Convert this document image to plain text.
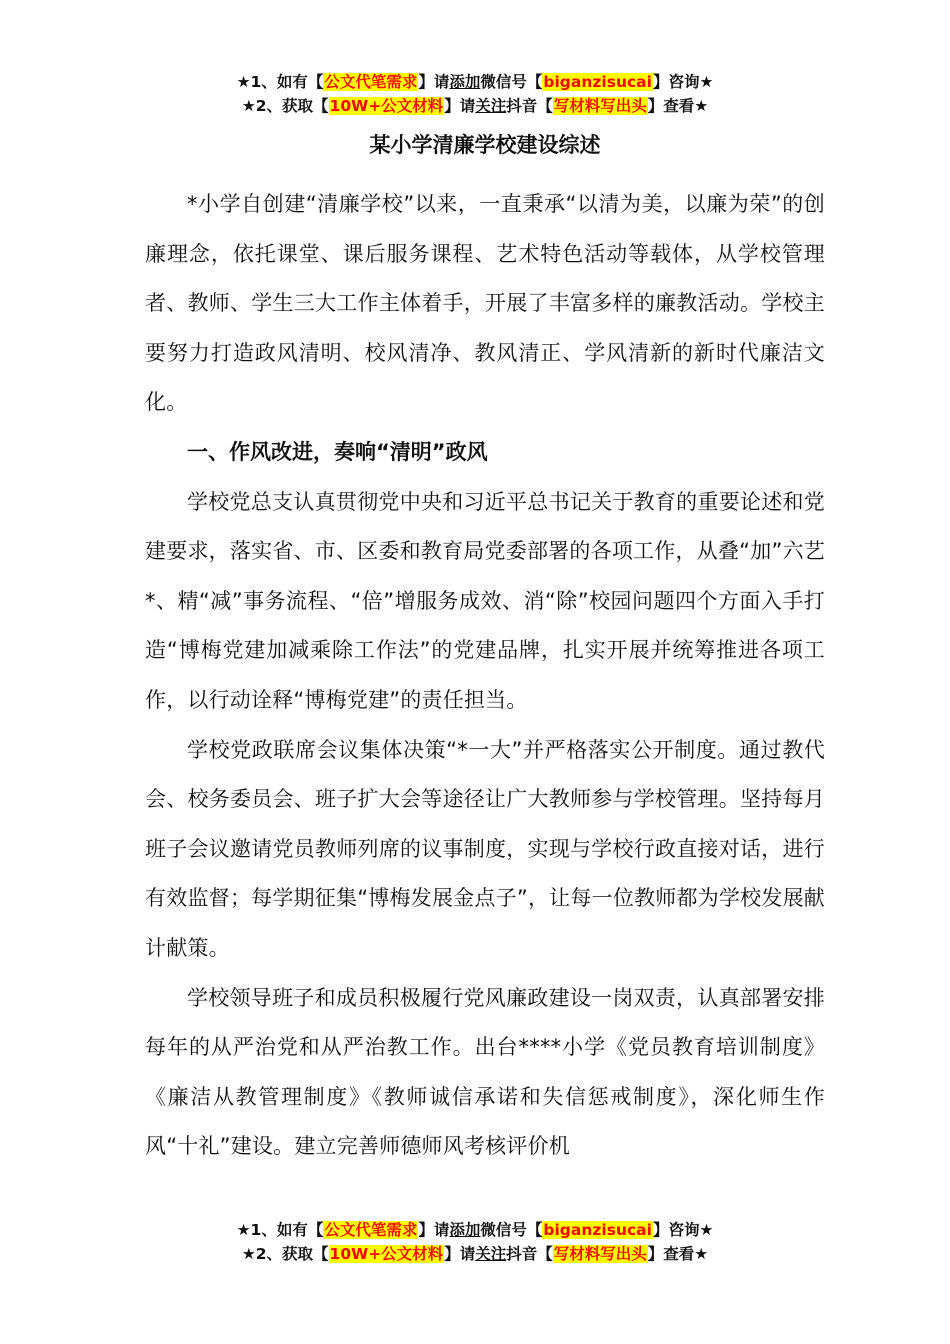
★1、如有【公文代笔需求】请添加微信号【biganzisucai】咨询★
★2、获取【10W+公文材料】请关注抖音【写材料写出头】查看★
某小学清廉学校建设综述

*小学自创建“清廉学校”以来，一直秉承“以清为美，以廉为荣”的创廉理念，依托课堂、课后服务课程、艺术特色活动等载体，从学校管理者、教师、学生三大工作主体着手，开展了丰富多样的廉教活动。学校主要努力打造政风清明、校风清净、教风清正、学风清新的新时代廉洁文化。

一、作风改进，奏响“清明”政风

学校党总支认真贯彻党中央和习近平总书记关于教育的重要论述和党建要求，落实省、市、区委和教育局党委部署的各项工作，从叠“加”六艺*、精“减”事务流程、“倍”增服务成效、消“除”校园问题四个方面入手打造“博梅党建加减乘除工作法”的党建品牌，扎实开展并统筹推进各项工作，以行动诠释“博梅党建”的责任担当。

学校党政联席会议集体决策“*一大”并严格落实公开制度。通过教代会、校务委员会、班子扩大会等途径让广大教师参与学校管理。坚持每月班子会议邀请党员教师列席的议事制度，实现与学校行政直接对话，进行有效监督；每学期征集“博梅发展金点子”，让每一位教师都为学校发展献计献策。

学校领导班子和成员积极履行党风廉政建设一岗双责，认真部署安排每年的从严治党和从严治教工作。出台****小学《党员教育培训制度》《廉洁从教管理制度》《教师诚信承诺和失信惩戒制度》，深化师生作风“十礼”建设。建立完善师德师风考核评价机

★1、如有【公文代笔需求】请添加微信号【biganzisucai】咨询★
★2、获取【10W+公文材料】请关注抖音【写材料写出头】查看★
